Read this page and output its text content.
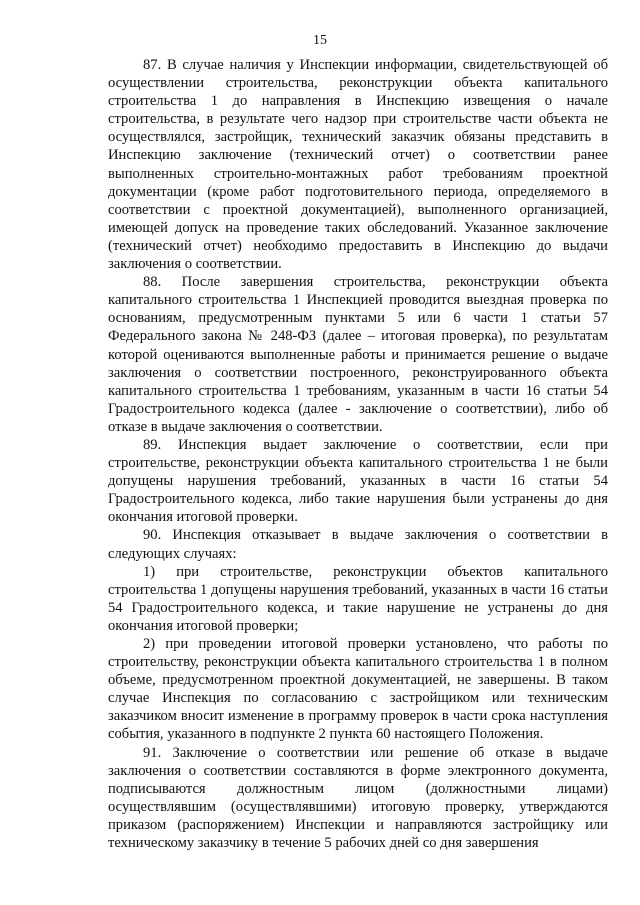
15

87. В случае наличия у Инспекции информации, свидетельствующей об осуществлении строительства, реконструкции объекта капитального строительства 1 до направления в Инспекцию извещения о начале строительства, в результате чего надзор при строительстве части объекта не осуществлялся, застройщик, технический заказчик обязаны представить в Инспекцию заключение (технический отчет) о соответствии ранее выполненных строительно-монтажных работ требованиям проектной документации (кроме работ подготовительного периода, определяемого в соответствии с проектной документацией), выполненного организацией, имеющей допуск на проведение таких обследований. Указанное заключение (технический отчет) необходимо предоставить в Инспекцию до выдачи заключения о соответствии.

88. После завершения строительства, реконструкции объекта капитального строительства 1 Инспекцией проводится выездная проверка по основаниям, предусмотренным пунктами 5 или 6 части 1 статьи 57 Федерального закона № 248-ФЗ (далее – итоговая проверка), по результатам которой оцениваются выполненные работы и принимается решение о выдаче заключения о соответствии построенного, реконструированного объекта капитального строительства 1 требованиям, указанным в части 16 статьи 54 Градостроительного кодекса (далее - заключение о соответствии), либо об отказе в выдаче заключения о соответствии.

89. Инспекция выдает заключение о соответствии, если при строительстве, реконструкции объекта капитального строительства 1 не были допущены нарушения требований, указанных в части 16 статьи 54 Градостроительного кодекса, либо такие нарушения были устранены до дня окончания итоговой проверки.

90. Инспекция отказывает в выдаче заключения о соответствии в следующих случаях:

1) при строительстве, реконструкции объектов капитального строительства 1 допущены нарушения требований, указанных в части 16 статьи 54 Градостроительного кодекса, и такие нарушение не устранены до дня окончания итоговой проверки;

2) при проведении итоговой проверки установлено, что работы по строительству, реконструкции объекта капитального строительства 1 в полном объеме, предусмотренном проектной документацией, не завершены. В таком случае Инспекция по согласованию с застройщиком или техническим заказчиком вносит изменение в программу проверок в части срока наступления события, указанного в подпункте 2 пункта 60 настоящего Положения.

91. Заключение о соответствии или решение об отказе в выдаче заключения о соответствии составляются в форме электронного документа, подписываются должностным лицом (должностными лицами) осуществлявшим (осуществлявшими) итоговую проверку, утверждаются приказом (распоряжением) Инспекции и направляются застройщику или техническому заказчику в течение 5 рабочих дней со дня завершения
